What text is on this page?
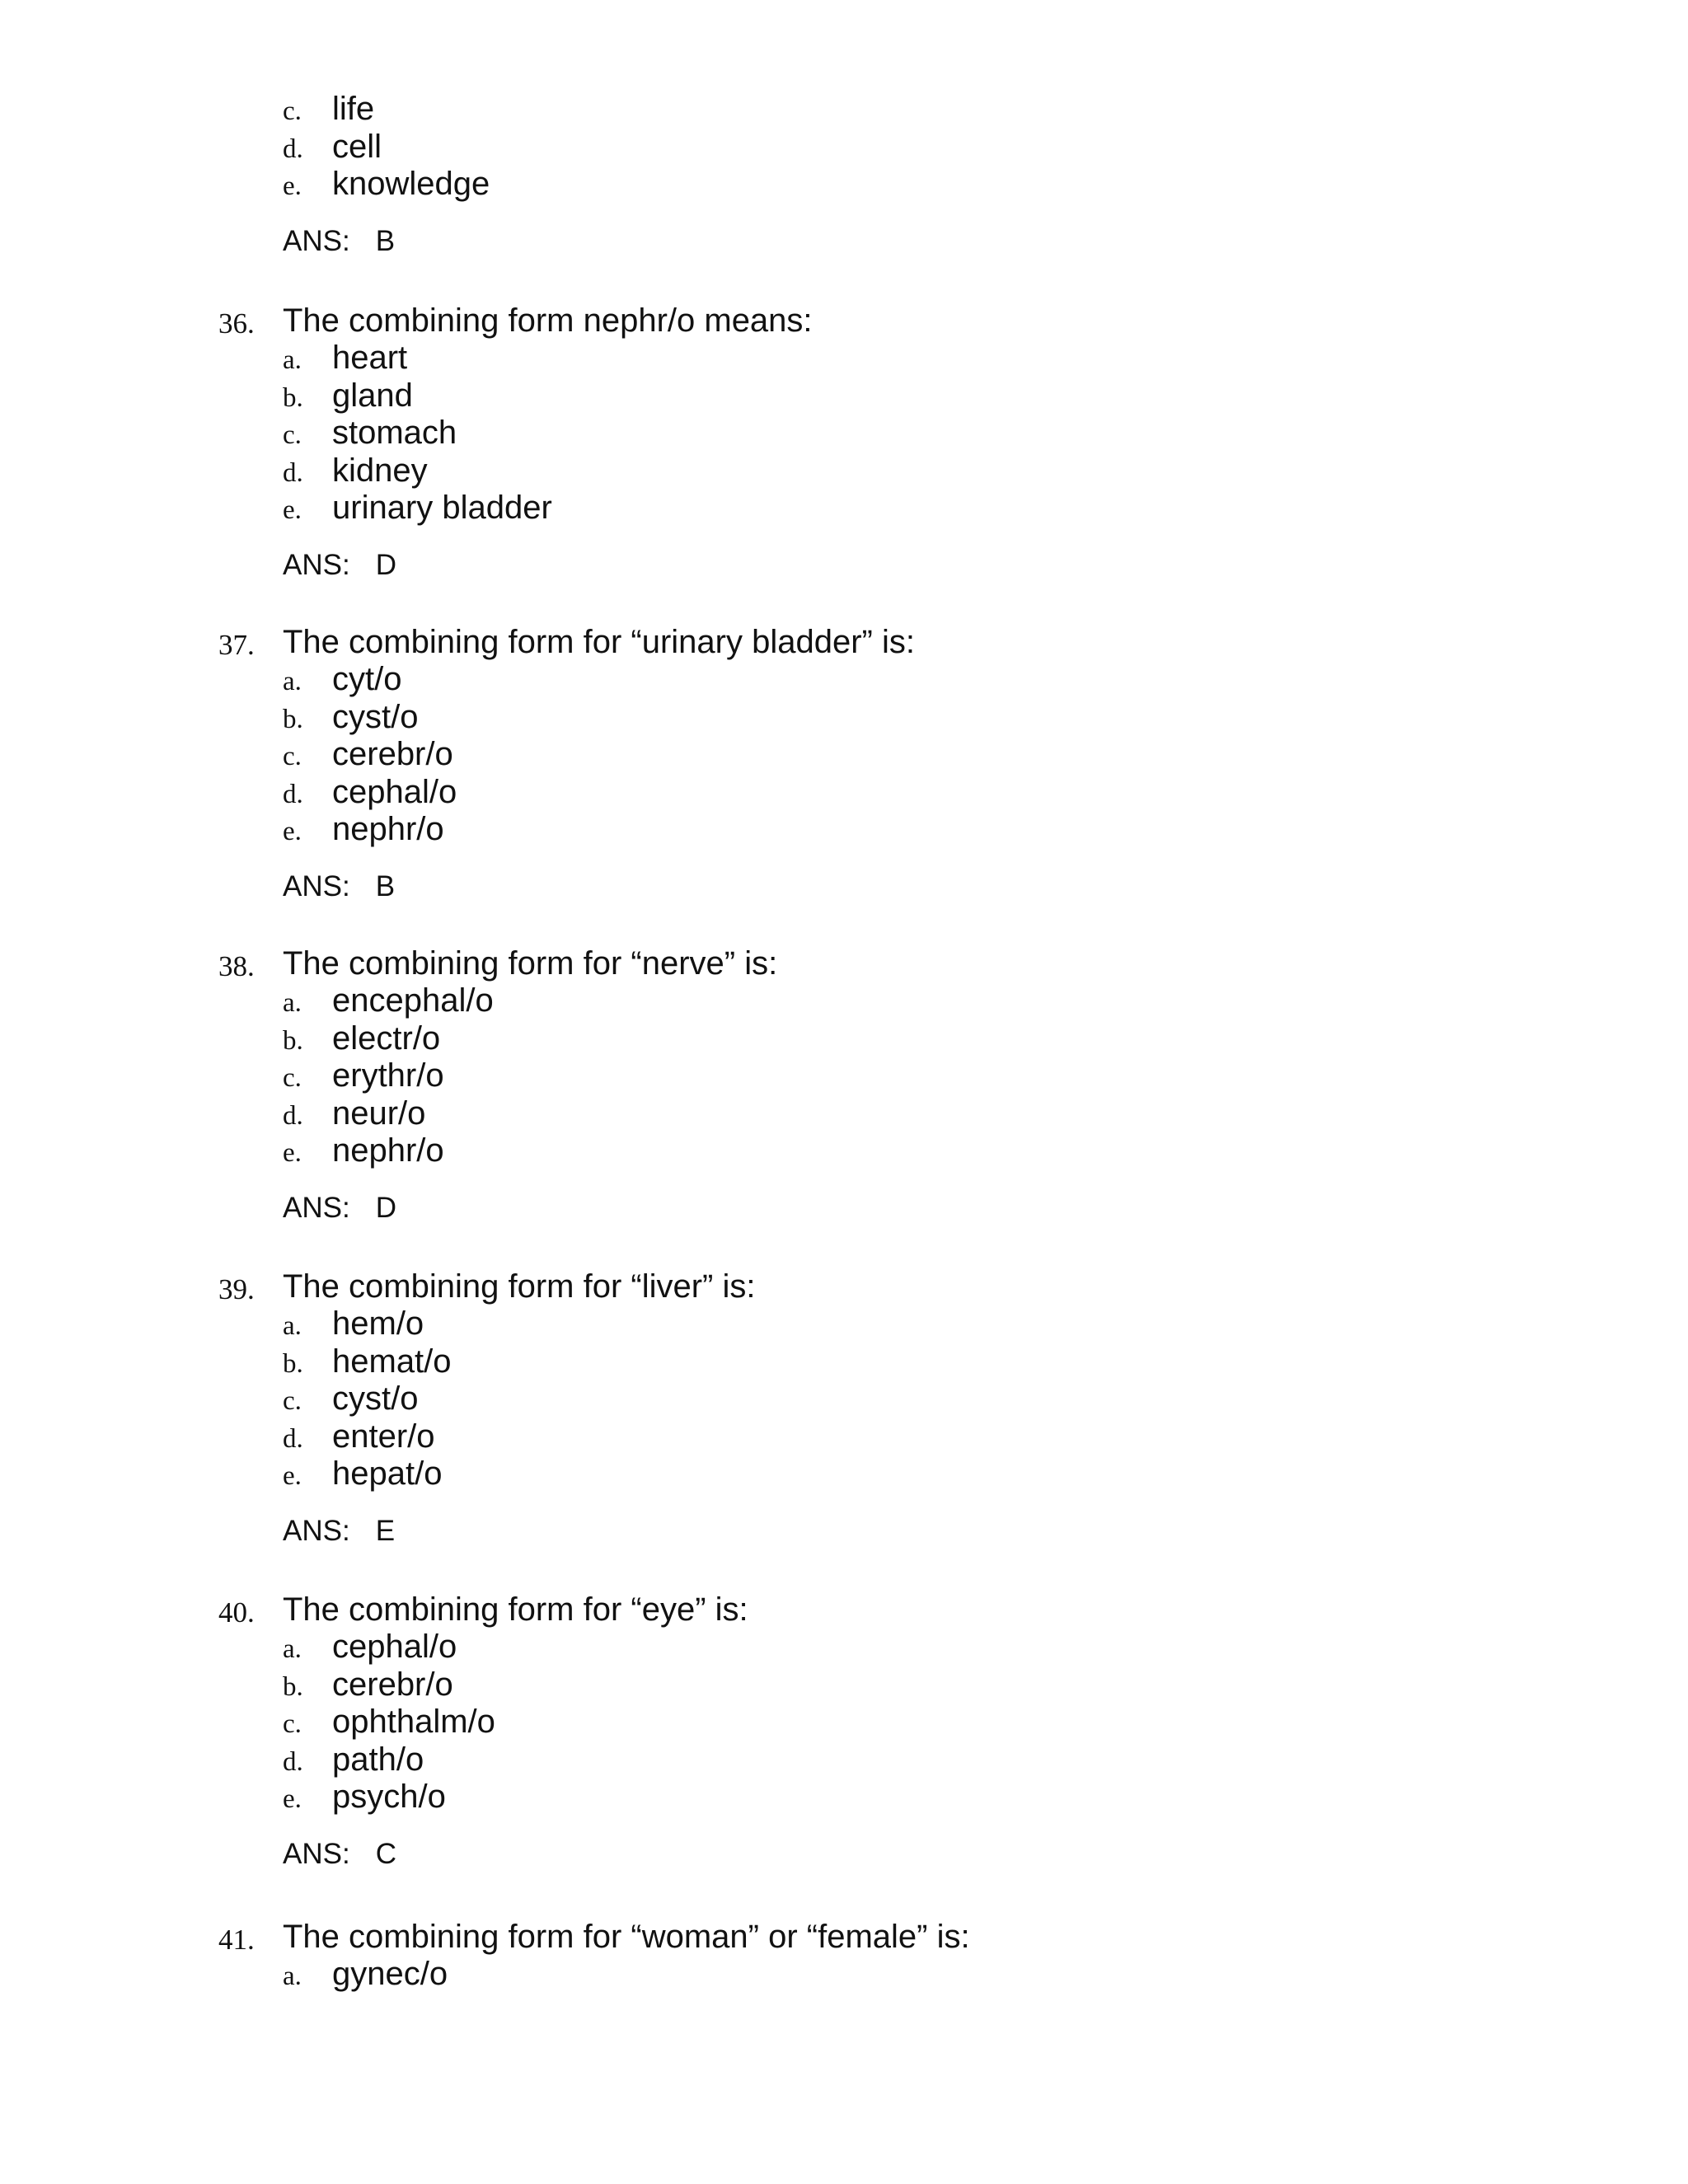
c. life
d. cell
e. knowledge
ANS: B
36. The combining form nephr/o means:
a. heart
b. gland
c. stomach
d. kidney
e. urinary bladder
ANS: D
37. The combining form for “urinary bladder” is:
a. cyt/o
b. cyst/o
c. cerebr/o
d. cephal/o
e. nephr/o
ANS: B
38. The combining form for “nerve” is:
a. encephal/o
b. electr/o
c. erythr/o
d. neur/o
e. nephr/o
ANS: D
39. The combining form for “liver” is:
a. hem/o
b. hemat/o
c. cyst/o
d. enter/o
e. hepat/o
ANS: E
40. The combining form for “eye” is:
a. cephal/o
b. cerebr/o
c. ophthalm/o
d. path/o
e. psych/o
ANS: C
41. The combining form for “woman” or “female” is:
a. gynec/o
